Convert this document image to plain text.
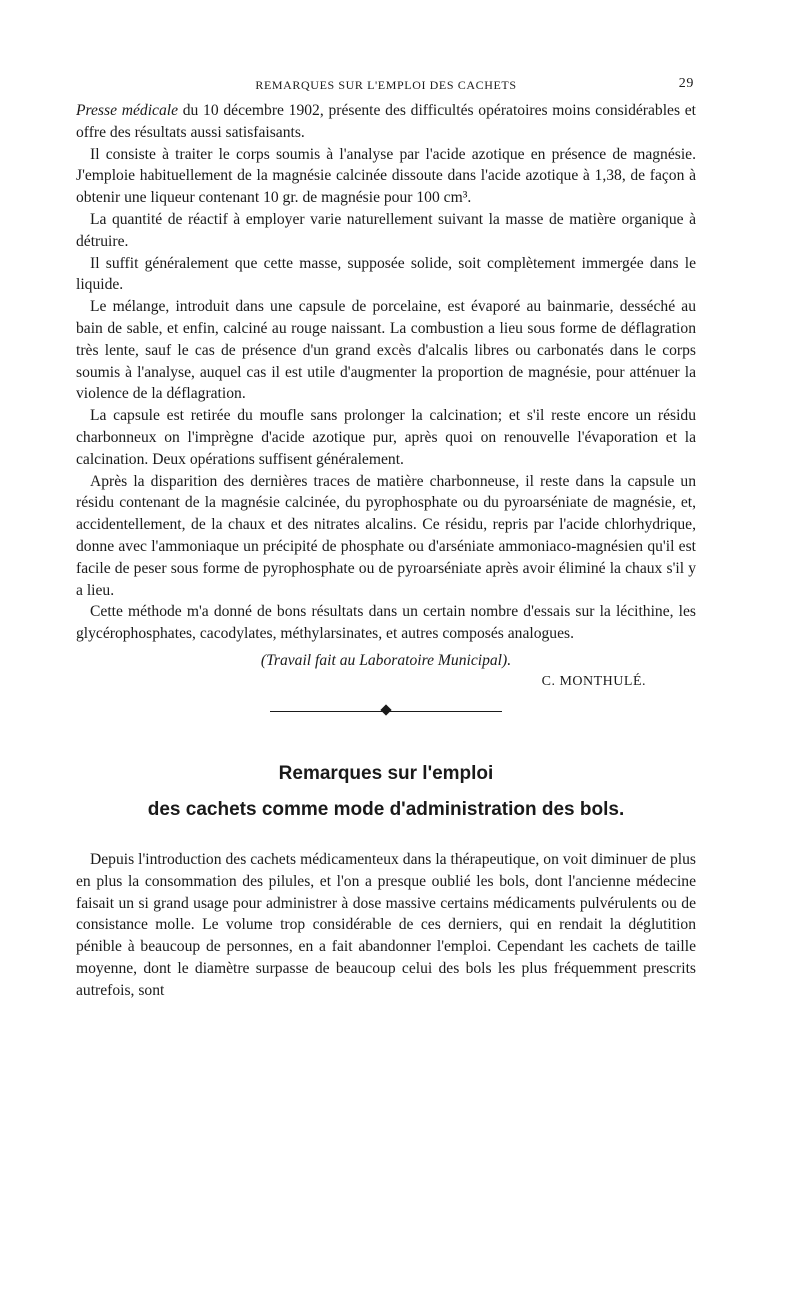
REMARQUES SUR L'EMPLOI DES CACHETS	29

Presse médicale du 10 décembre 1902, présente des difficultés opératoires moins considérables et offre des résultats aussi satisfaisants.

Il consiste à traiter le corps soumis à l'analyse par l'acide azotique en présence de magnésie. J'emploie habituellement de la magnésie calcinée dissoute dans l'acide azotique à 1,38, de façon à obtenir une liqueur contenant 10 gr. de magnésie pour 100 cm³.

La quantité de réactif à employer varie naturellement suivant la masse de matière organique à détruire.

Il suffit généralement que cette masse, supposée solide, soit complètement immergée dans le liquide.

Le mélange, introduit dans une capsule de porcelaine, est évaporé au bainmarie, desséché au bain de sable, et enfin, calciné au rouge naissant. La combustion a lieu sous forme de déflagration très lente, sauf le cas de présence d'un grand excès d'alcalis libres ou carbonatés dans le corps soumis à l'analyse, auquel cas il est utile d'augmenter la proportion de magnésie, pour atténuer la violence de la déflagration.

La capsule est retirée du moufle sans prolonger la calcination; et s'il reste encore un résidu charbonneux on l'imprègne d'acide azotique pur, après quoi on renouvelle l'évaporation et la calcination. Deux opérations suffisent généralement.

Après la disparition des dernières traces de matière charbonneuse, il reste dans la capsule un résidu contenant de la magnésie calcinée, du pyrophosphate ou du pyroarséniate de magnésie, et, accidentellement, de la chaux et des nitrates alcalins. Ce résidu, repris par l'acide chlorhydrique, donne avec l'ammoniaque un précipité de phosphate ou d'arséniate ammoniaco-magnésien qu'il est facile de peser sous forme de pyrophosphate ou de pyroarséniate après avoir éliminé la chaux s'il y a lieu.

Cette méthode m'a donné de bons résultats dans un certain nombre d'essais sur la lécithine, les glycérophosphates, cacodylates, méthylarsinates, et autres composés analogues.

(Travail fait au Laboratoire Municipal).
C. MONTHULÉ.
Remarques sur l'emploi
des cachets comme mode d'administration des bols.

Depuis l'introduction des cachets médicamenteux dans la thérapeutique, on voit diminuer de plus en plus la consommation des pilules, et l'on a presque oublié les bols, dont l'ancienne médecine faisait un si grand usage pour administrer à dose massive certains médicaments pulvérulents ou de consistance molle. Le volume trop considérable de ces derniers, qui en rendait la déglutition pénible à beaucoup de personnes, en a fait abandonner l'emploi. Cependant les cachets de taille moyenne, dont le diamètre surpasse de beaucoup celui des bols les plus fréquemment prescrits autrefois, sont
